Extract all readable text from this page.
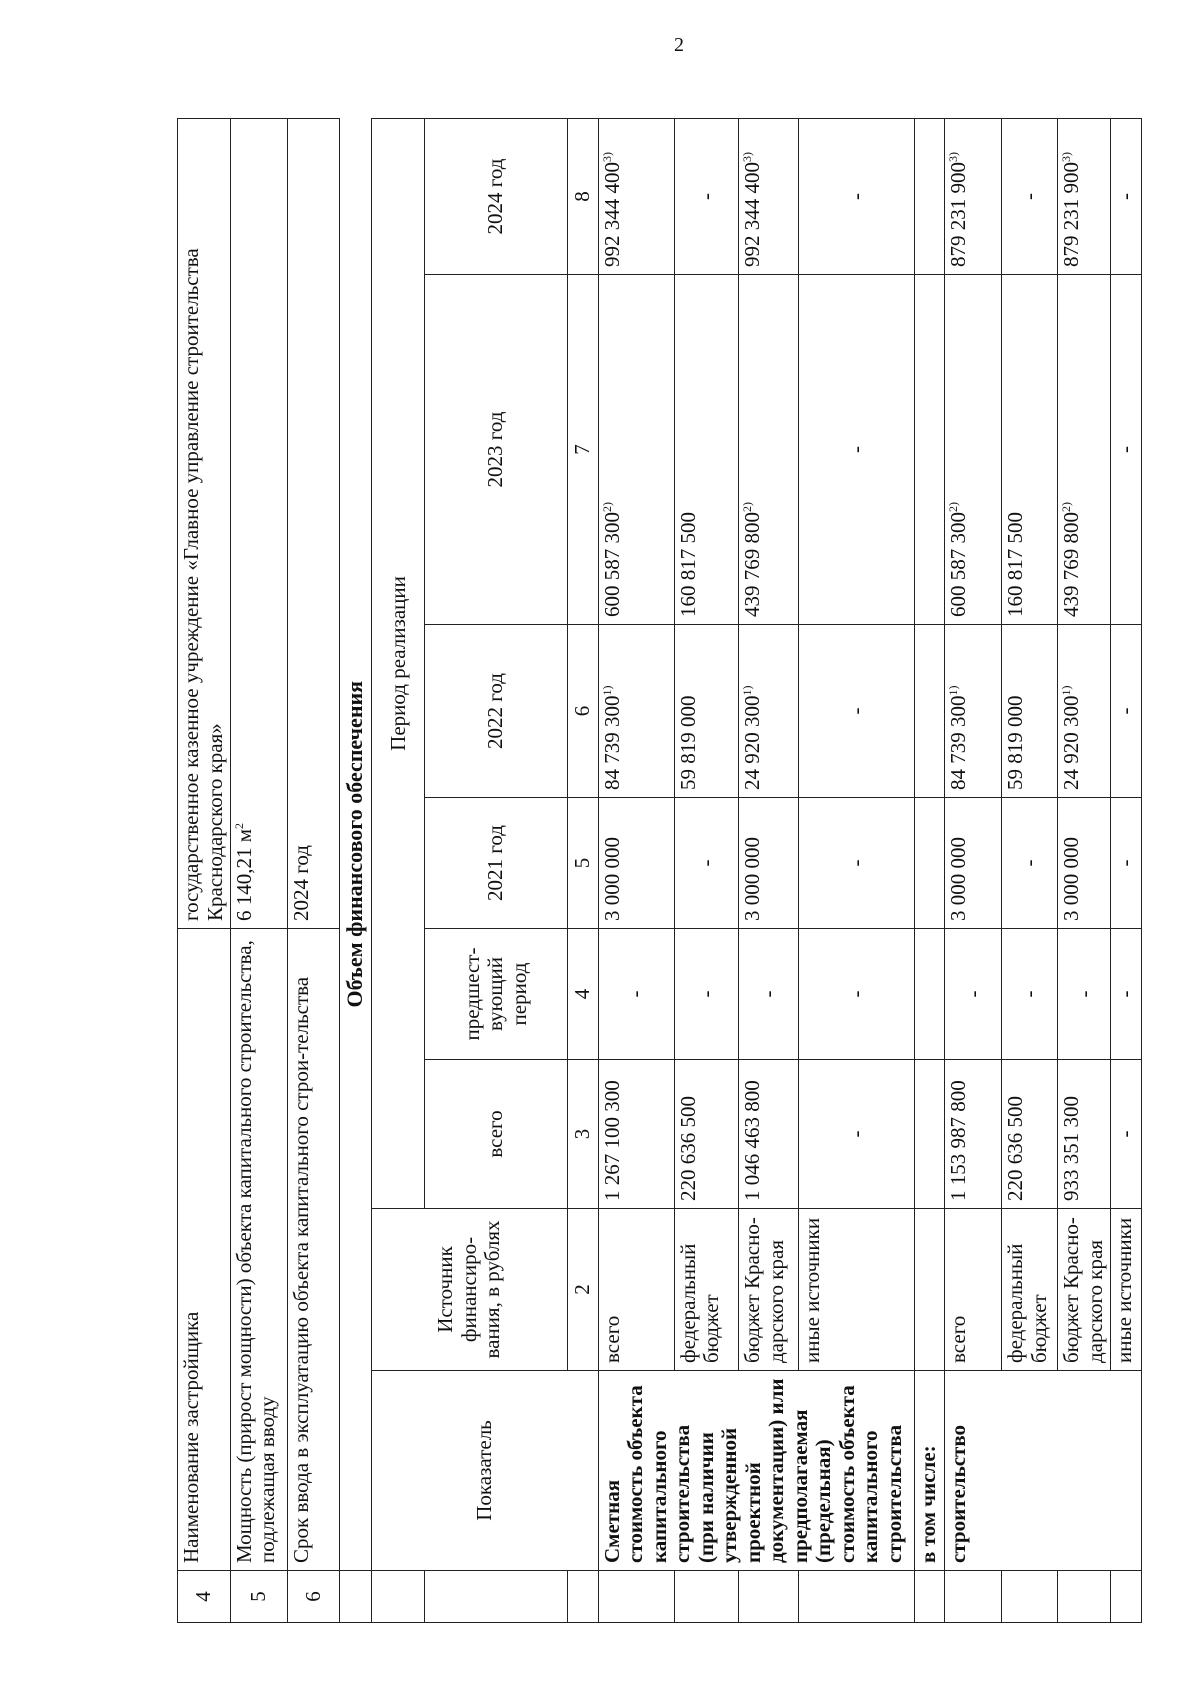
2
4	Наименование застройщика				государственное казенное учреждение «Главное управление строительства Краснодарского края»			
5	Мощность (прирост мощности) объекта капитального строительства, подлежащая вводу				6 140,21 $м^2$
6	Срок ввода в эксплуатацию объекта капитального строи-тельства				2024 год			
	Объем финансового обеспечения							
	Показатель	Источник финансиро-вания, в рублях	Период реализации					
			всего	предшест-вующий период	2021 год	2022 год	2023 год	2024 год
		2	3	4	5	6	7	8
	Сметная стоимость объекта капитального строительства (при наличии утвержденной проектной документации) или предполагаемая (предельная) стоимость объекта капитального строительства	всего	1 267 100 300	-	3 000 000	84 739 300$^{1)}$	600 587 300$^{2)}$	992 344 400$^{3)}$
		федеральный бюджет	220 636 500	-	-	59 819 000	160 817 500	-
		бюджет Красно-дарского края	1 046 463 800	-	3 000 000	24 920 300$^{1)}$	439 769 800$^{2)}$	992 344 400$^{3)}$
		иные источники	-	-	-	-	-	-
	в том числе:							
	строительство	всего	1 153 987 800	-	3 000 000	84 739 300$^{1)}$	600 587 300$^{2)}$	879 231 900$^{3)}$
		федеральный бюджет	220 636 500	-	-	59 819 000	160 817 500	-
		бюджет Красно-дарского края	933 351 300	-	3 000 000	24 920 300$^{1)}$	439 769 800$^{2)}$	879 231 900$^{3)}$
		иные источники	-	-	-	-	-	-
